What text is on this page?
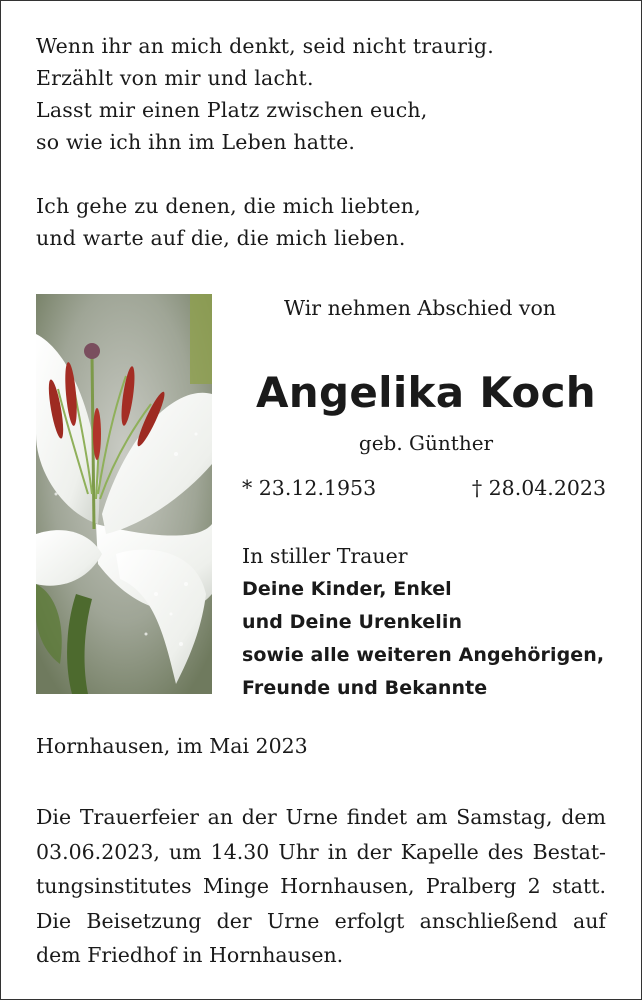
Wenn ihr an mich denkt, seid nicht traurig.
Erzählt von mir und lacht.
Lasst mir einen Platz zwischen euch,
so wie ich ihn im Leben hatte.
Ich gehe zu denen, die mich liebten,
und warte auf die, die mich lieben.
Wir nehmen Abschied von
Angelika Koch
geb. Günther
* 23.12.1953	† 28.04.2023
In stiller Trauer
Deine Kinder, Enkel
und Deine Urenkelin
sowie alle weiteren Angehörigen,
Freunde und Bekannte
Hornhausen, im Mai 2023
Die Trauerfeier an der Urne findet am Samstag, dem
03.06.2023, um 14.30 Uhr in der Kapelle des Bestat-
tungsinstitutes Minge Hornhausen, Pralberg 2 statt.
Die Beisetzung der Urne erfolgt anschließend auf
dem Friedhof in Hornhausen.
